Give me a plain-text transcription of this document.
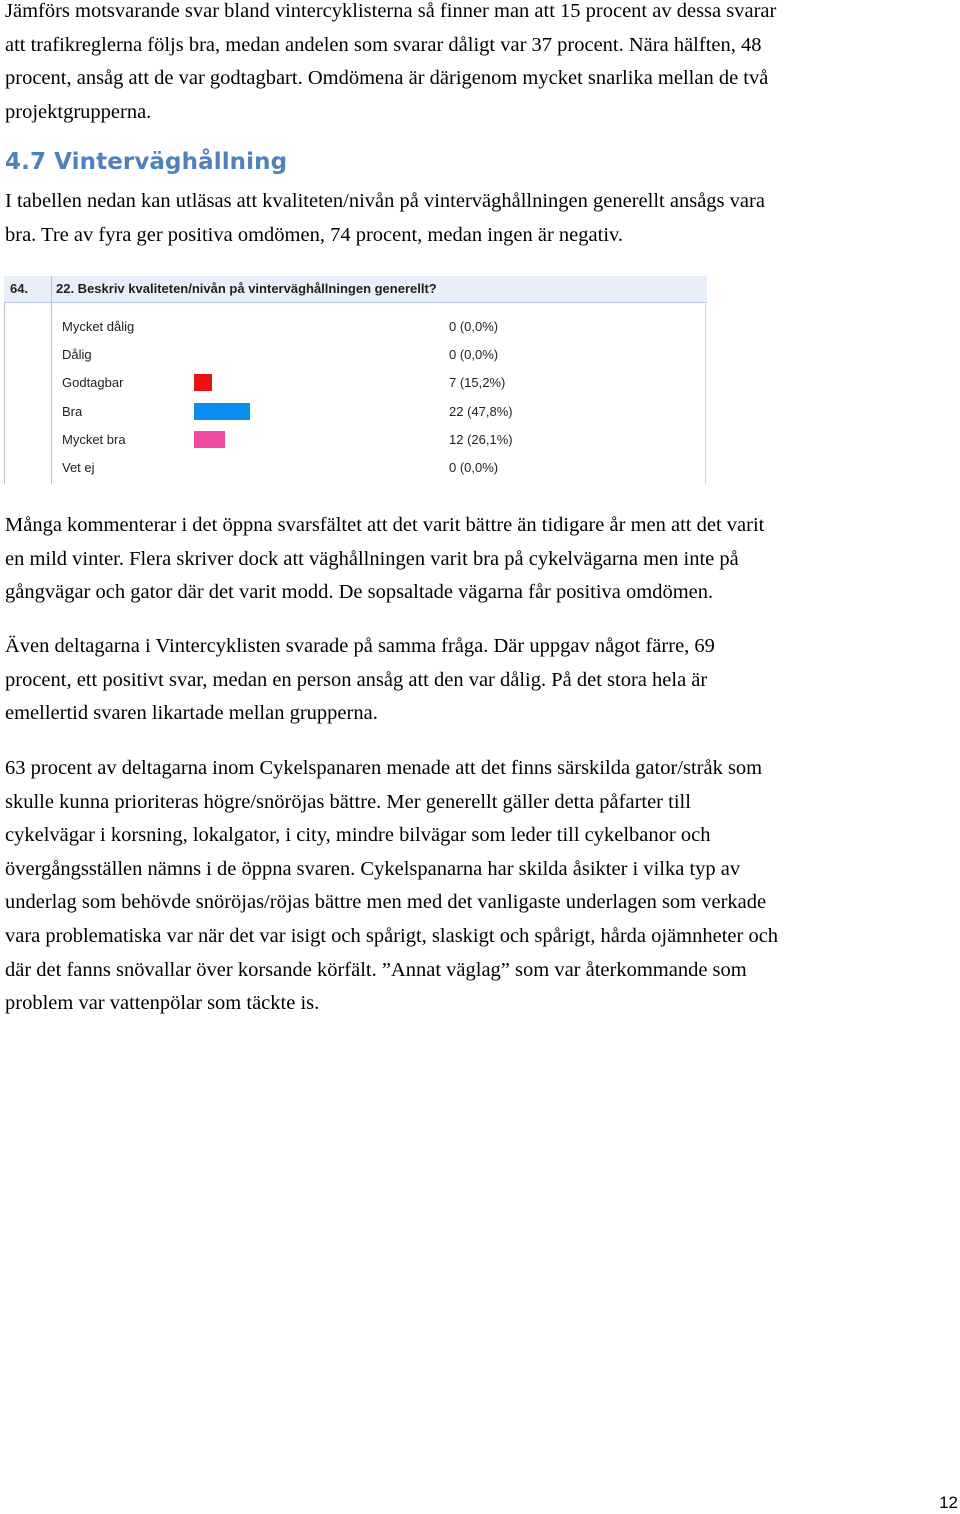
Jämförs motsvarande svar bland vintercyklisterna så finner man att 15 procent av dessa svarar
att trafikreglerna följs bra, medan andelen som svarar dåligt var 37 procent. Nära hälften, 48
procent, ansåg att de var godtagbart. Omdömena är därigenom mycket snarlika mellan de två
projektgrupperna.
4.7 Vinterväghållning
I tabellen nedan kan utläsas att kvaliteten/nivån på vinterväghållningen generellt ansågs vara
bra. Tre av fyra ger positiva omdömen, 74 procent, medan ingen är negativ.
64. 22. Beskriv kvaliteten/nivån på vinterväghållningen generellt?
Mycket dålig	0 (0,0%)
Dålig	0 (0,0%)
Godtagbar	7 (15,2%)
Bra	22 (47,8%)
Mycket bra	12 (26,1%)
Vet ej	0 (0,0%)
Många kommenterar i det öppna svarsfältet att det varit bättre än tidigare år men att det varit
en mild vinter. Flera skriver dock att väghållningen varit bra på cykelvägarna men inte på
gångvägar och gator där det varit modd. De sopsaltade vägarna får positiva omdömen.
Även deltagarna i Vintercyklisten svarade på samma fråga. Där uppgav något färre, 69
procent, ett positivt svar, medan en person ansåg att den var dålig. På det stora hela är
emellertid svaren likartade mellan grupperna.
63 procent av deltagarna inom Cykelspanaren menade att det finns särskilda gator/stråk som
skulle kunna prioriteras högre/snöröjas bättre. Mer generellt gäller detta påfarter till
cykelvägar i korsning, lokalgator, i city, mindre bilvägar som leder till cykelbanor och
övergångsställen nämns i de öppna svaren. Cykelspanarna har skilda åsikter i vilka typ av
underlag som behövde snöröjas/röjas bättre men med det vanligaste underlagen som verkade
vara problematiska var när det var isigt och spårigt, slaskigt och spårigt, hårda ojämnheter och
där det fanns snövallar över korsande körfält. ”Annat väglag” som var återkommande som
problem var vattenpölar som täckte is.
12
